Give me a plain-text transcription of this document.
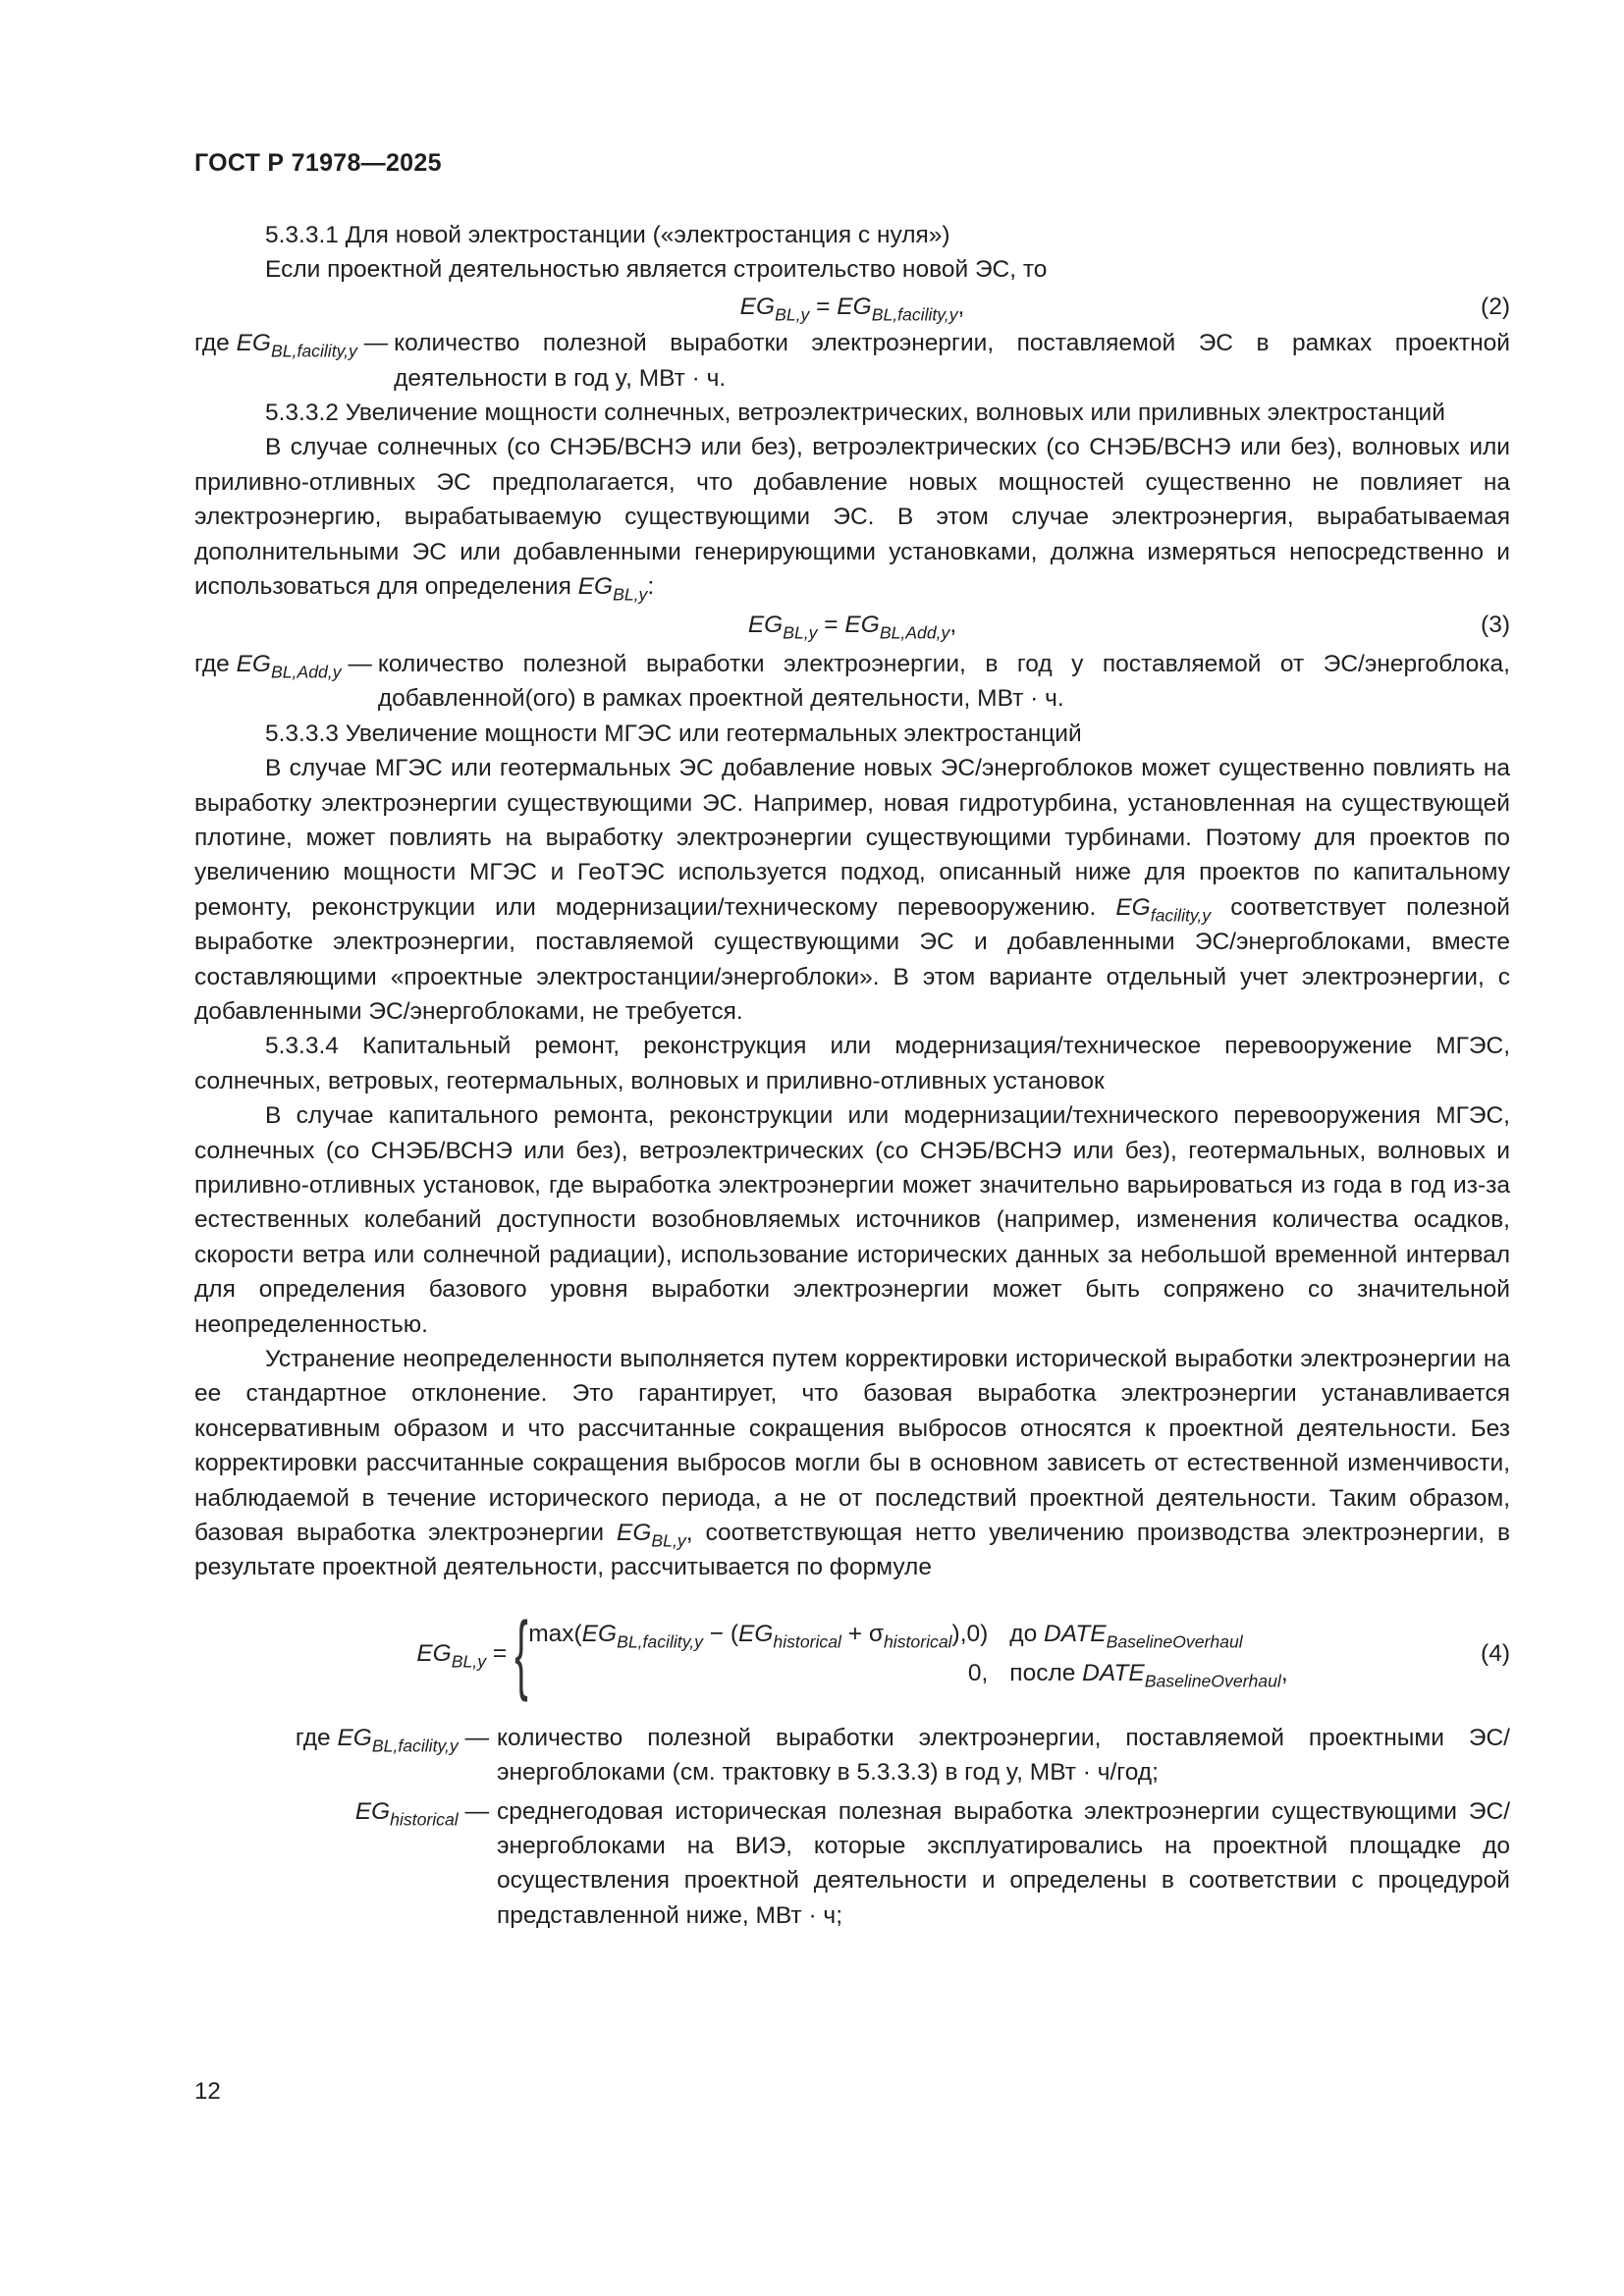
ГОСТ Р 71978—2025

5.3.3.1 Для новой электростанции («электростанция с нуля»)

Если проектной деятельностью является строительство новой ЭС, то

$EG_{BL,y} = EG_{BL,facility,y}$,	(2)
где $EG_{BL,facility,y}$ — количество полезной выработки электроэнергии, поставляемой ЭС в рамках проектной деятельности в год y, МВт · ч.

5.3.3.2 Увеличение мощности солнечных, ветроэлектрических, волновых или приливных электростанций

В случае солнечных (со СНЭБ/ВСНЭ или без), ветроэлектрических (со СНЭБ/ВСНЭ или без), волновых или приливно-отливных ЭС предполагается, что добавление новых мощностей существенно не повлияет на электроэнергию, вырабатываемую существующими ЭС. В этом случае электроэнергия, вырабатываемая дополнительными ЭС или добавленными генерирующими установками, должна измеряться непосредственно и использоваться для определения $EG_{BL,y}$:

$EG_{BL,y} = EG_{BL,Add,y}$,	(3)
где $EG_{BL,Add,y}$ — количество полезной выработки электроэнергии, в год y поставляемой от ЭС/энергоблока, добавленной(ого) в рамках проектной деятельности, МВт · ч.

5.3.3.3 Увеличение мощности МГЭС или геотермальных электростанций

В случае МГЭС или геотермальных ЭС добавление новых ЭС/энергоблоков может существенно повлиять на выработку электроэнергии существующими ЭС. Например, новая гидротурбина, установленная на существующей плотине, может повлиять на выработку электроэнергии существующими турбинами. Поэтому для проектов по увеличению мощности МГЭС и ГеоТЭС используется подход, описанный ниже для проектов по капитальному ремонту, реконструкции или модернизации/техническому перевооружению. $EG_{facility,y}$ соответствует полезной выработке электроэнергии, поставляемой существующими ЭС и добавленными ЭС/энергоблоками, вместе составляющими «проектные электростанции/энергоблоки». В этом варианте отдельный учет электроэнергии, с добавленными ЭС/энергоблоками, не требуется.

5.3.3.4 Капитальный ремонт, реконструкция или модернизация/техническое перевооружение МГЭС, солнечных, ветровых, геотермальных, волновых и приливно-отливных установок

В случае капитального ремонта, реконструкции или модернизации/технического перевооружения МГЭС, солнечных (со СНЭБ/ВСНЭ или без), ветроэлектрических (со СНЭБ/ВСНЭ или без), геотермальных, волновых и приливно-отливных установок, где выработка электроэнергии может значительно варьироваться из года в год из-за естественных колебаний доступности возобновляемых источников (например, изменения количества осадков, скорости ветра или солнечной радиации), использование исторических данных за небольшой временной интервал для определения базового уровня выработки электроэнергии может быть сопряжено со значительной неопределенностью.

Устранение неопределенности выполняется путем корректировки исторической выработки электроэнергии на ее стандартное отклонение. Это гарантирует, что базовая выработка электроэнергии устанавливается консервативным образом и что рассчитанные сокращения выбросов относятся к проектной деятельности. Без корректировки рассчитанные сокращения выбросов могли бы в основном зависеть от естественной изменчивости, наблюдаемой в течение исторического периода, а не от последствий проектной деятельности. Таким образом, базовая выработка электроэнергии $EG_{BL,y}$, соответствующая нетто увеличению производства электроэнергии, в результате проектной деятельности, рассчитывается по формуле

$EG_{BL,y}$ = { $\max(EG_{BL,facility,y} - (EG_{historical} + \sigma_{historical}),0)$ до $DATE_{BaselineOverhaul}$
0, после $DATE_{BaselineOverhaul}$,
(4)
где $EG_{BL,facility,y}$ — количество полезной выработки электроэнергии, поставляемой проектными ЭС/энергоблоками (см. трактовку в 5.3.3.3) в год y, МВт · ч/год;
$EG_{historical}$ — среднегодовая историческая полезная выработка электроэнергии существующими ЭС/энергоблоками на ВИЭ, которые эксплуатировались на проектной площадке до осуществления проектной деятельности и определены в соответствии с процедурой представленной ниже, МВт · ч;
12
